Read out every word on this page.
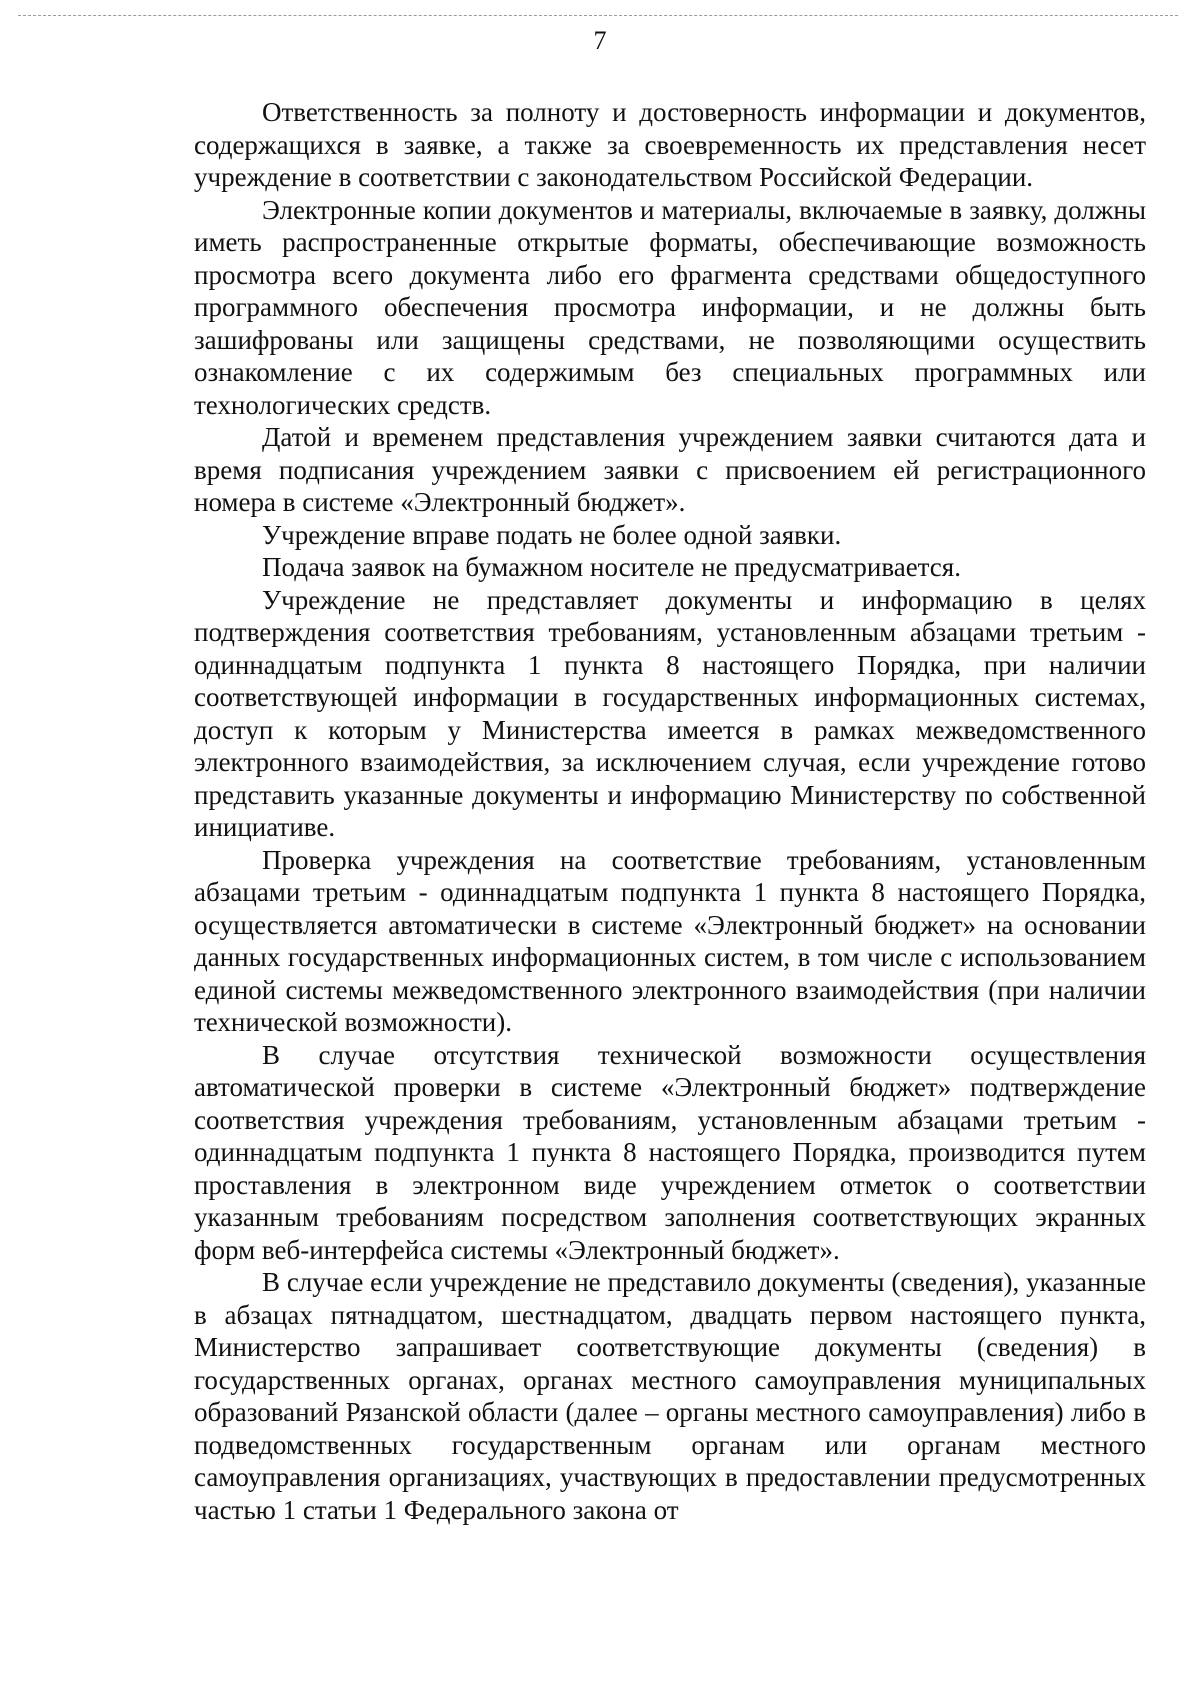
7

Ответственность за полноту и достоверность информации и документов, содержащихся в заявке, а также за своевременность их представления несет учреждение в соответствии с законодательством Российской Федерации.

Электронные копии документов и материалы, включаемые в заявку, должны иметь распространенные открытые форматы, обеспечивающие возможность просмотра всего документа либо его фрагмента средствами общедоступного программного обеспечения просмотра информации, и не должны быть зашифрованы или защищены средствами, не позволяющими осуществить ознакомление с их содержимым без специальных программных или технологических средств.

Датой и временем представления учреждением заявки считаются дата и время подписания учреждением заявки с присвоением ей регистрационного номера в системе «Электронный бюджет».

Учреждение вправе подать не более одной заявки.

Подача заявок на бумажном носителе не предусматривается.

Учреждение не представляет документы и информацию в целях подтверждения соответствия требованиям, установленным абзацами третьим - одиннадцатым подпункта 1 пункта 8 настоящего Порядка, при наличии соответствующей информации в государственных информационных системах, доступ к которым у Министерства имеется в рамках межведомственного электронного взаимодействия, за исключением случая, если учреждение готово представить указанные документы и информацию Министерству по собственной инициативе.

Проверка учреждения на соответствие требованиям, установленным абзацами третьим - одиннадцатым подпункта 1 пункта 8 настоящего Порядка, осуществляется автоматически в системе «Электронный бюджет» на основании данных государственных информационных систем, в том числе с использованием единой системы межведомственного электронного взаимодействия (при наличии технической возможности).

В случае отсутствия технической возможности осуществления автоматической проверки в системе «Электронный бюджет» подтверждение соответствия учреждения требованиям, установленным абзацами третьим - одиннадцатым подпункта 1 пункта 8 настоящего Порядка, производится путем проставления в электронном виде учреждением отметок о соответствии указанным требованиям посредством заполнения соответствующих экранных форм веб-интерфейса системы «Электронный бюджет».

В случае если учреждение не представило документы (сведения), указанные в абзацах пятнадцатом, шестнадцатом, двадцать первом настоящего пункта, Министерство запрашивает соответствующие документы (сведения) в государственных органах, органах местного самоуправления муниципальных образований Рязанской области (далее – органы местного самоуправления) либо в подведомственных государственным органам или органам местного самоуправления организациях, участвующих в предоставлении предусмотренных частью 1 статьи 1 Федерального закона от
